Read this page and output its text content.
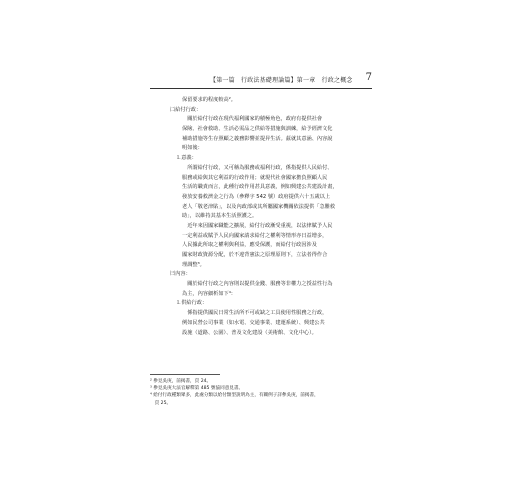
【第一篇　行政法基礎理論篇】第一章　行政之概念 7
保留要求的程度較高²。
㈡給付行政：
　關於給付行政在現代福利國家的積極角色，政府有提供社會
保險、社會救助、生活必需品之供給等措施與訓練，給予經濟文化
補助措施等生存照顧之義務影響並提昇生活。茲就其意涵、內容說
明如後：
⒈意義：
　所謂給付行政，又可稱為服務或福利行政，係指提供人民給付、
服務或給與其它利益的行政作用；就現代社會國家擔負照顧人民
生活的職責而言，此種行政作用甚具意義，例如興建公共建設計畫，
發放安養救濟金之行為（參釋字 542 號）政府提供六十五歲以上
老人「敬老津貼」，以及內政部或其所屬國家機關依法提供「急難救
助」，以維持其基本生活照護之。
　近年來因國家職能之擴展，給付行政漸受重視，以法律賦予人民
一定利益或賦予人民向國家請求給付之權利等情形亦日益增多，
人民據此所取之權利與利益，應受保護，而給付行政因涉及
國家財政資源分配，於不違背憲法之原理原則下，立法者得作合
理調整³。
㈢內容：
　關於給付行政之內容則以提供金錢、服務等非權力之授益性行為
為主，內容細析如下⁴：
⒈供給行政：
　係指提供國民日常生活所不可或缺之工具使用性服務之行政，
例如民營公司事業（如水電、交通事業、建運系統）、興建公共
設施（道路、公園）、普及文化建設（美術館、文化中心）。
² 參見吳庚，前揭書，頁 24。
³ 參見吳庚大法官解釋第 485 號協同意見書。
⁴ 給付行政種類眾多，此處分類以給付類型說明為主，有關例子詳參吳庚，前揭書，
　頁 25。
